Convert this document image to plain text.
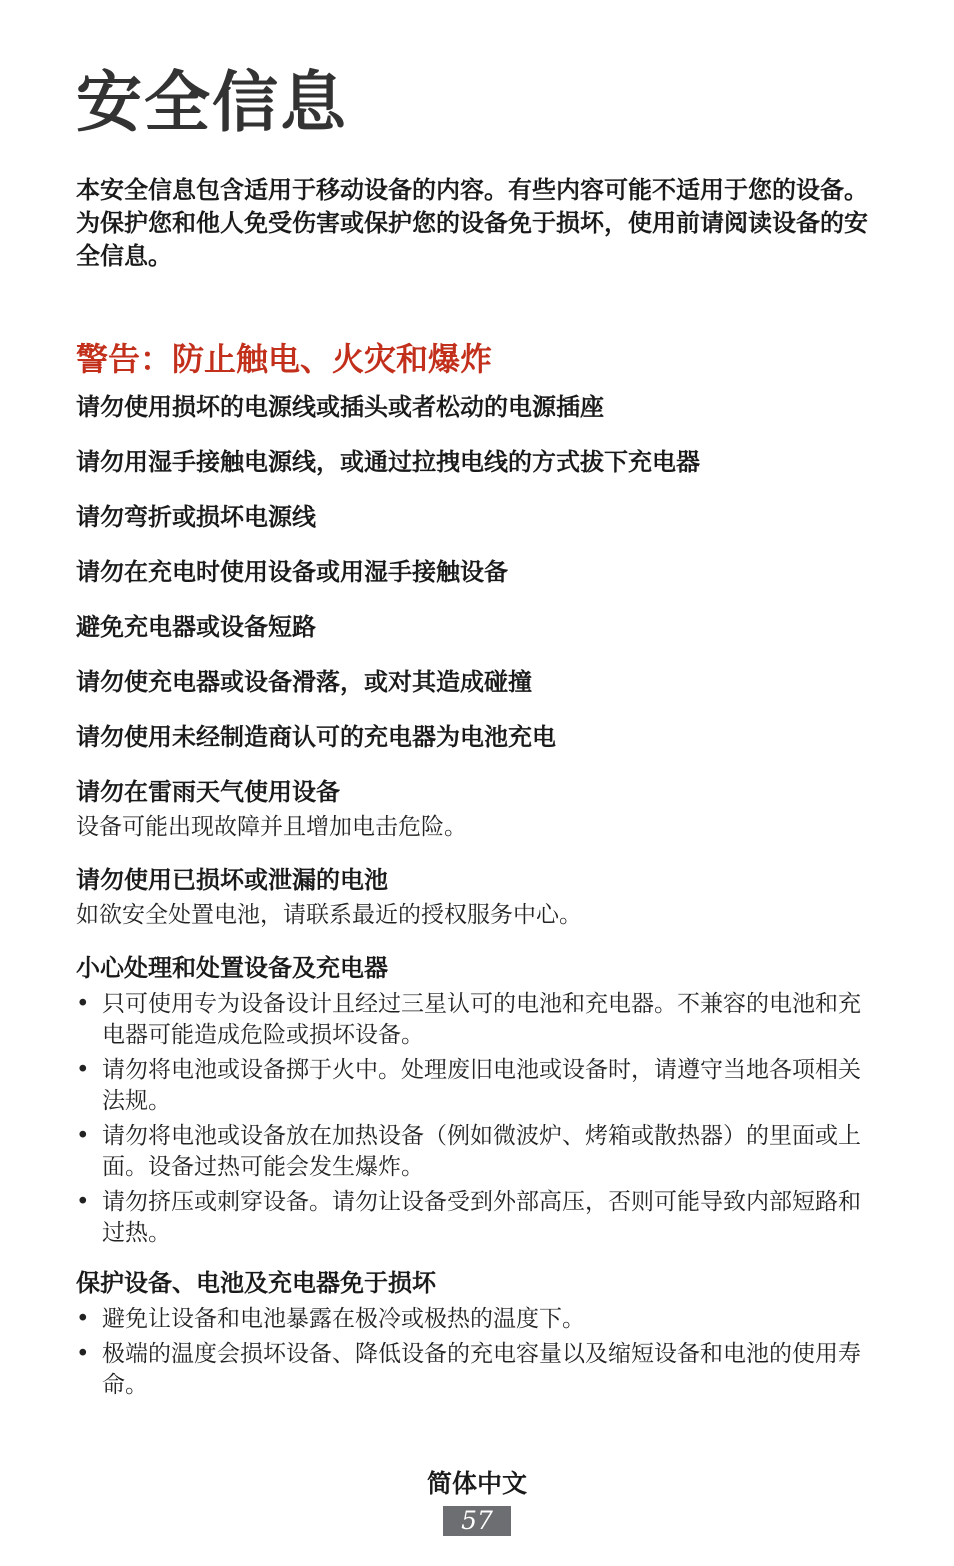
安全信息

本安全信息包含适用于移动设备的内容。有些内容可能不适用于您的设备。为保护您和他人免受伤害或保护您的设备免于损坏，使用前请阅读设备的安全信息。

警告：防止触电、火灾和爆炸

请勿使用损坏的电源线或插头或者松动的电源插座

请勿用湿手接触电源线，或通过拉拽电线的方式拔下充电器

请勿弯折或损坏电源线

请勿在充电时使用设备或用湿手接触设备

避免充电器或设备短路

请勿使充电器或设备滑落，或对其造成碰撞

请勿使用未经制造商认可的充电器为电池充电

请勿在雷雨天气使用设备

设备可能出现故障并且增加电击危险。

请勿使用已损坏或泄漏的电池

如欲安全处置电池，请联系最近的授权服务中心。

小心处理和处置设备及充电器

• 只可使用专为设备设计且经过三星认可的电池和充电器。不兼容的电池和充电器可能造成危险或损坏设备。
• 请勿将电池或设备掷于火中。处理废旧电池或设备时，请遵守当地各项相关法规。
• 请勿将电池或设备放在加热设备（例如微波炉、烤箱或散热器）的里面或上面。设备过热可能会发生爆炸。
• 请勿挤压或刺穿设备。请勿让设备受到外部高压，否则可能导致内部短路和过热。

保护设备、电池及充电器免于损坏

• 避免让设备和电池暴露在极冷或极热的温度下。
• 极端的温度会损坏设备、降低设备的充电容量以及缩短设备和电池的使用寿命。
简体中文
57
